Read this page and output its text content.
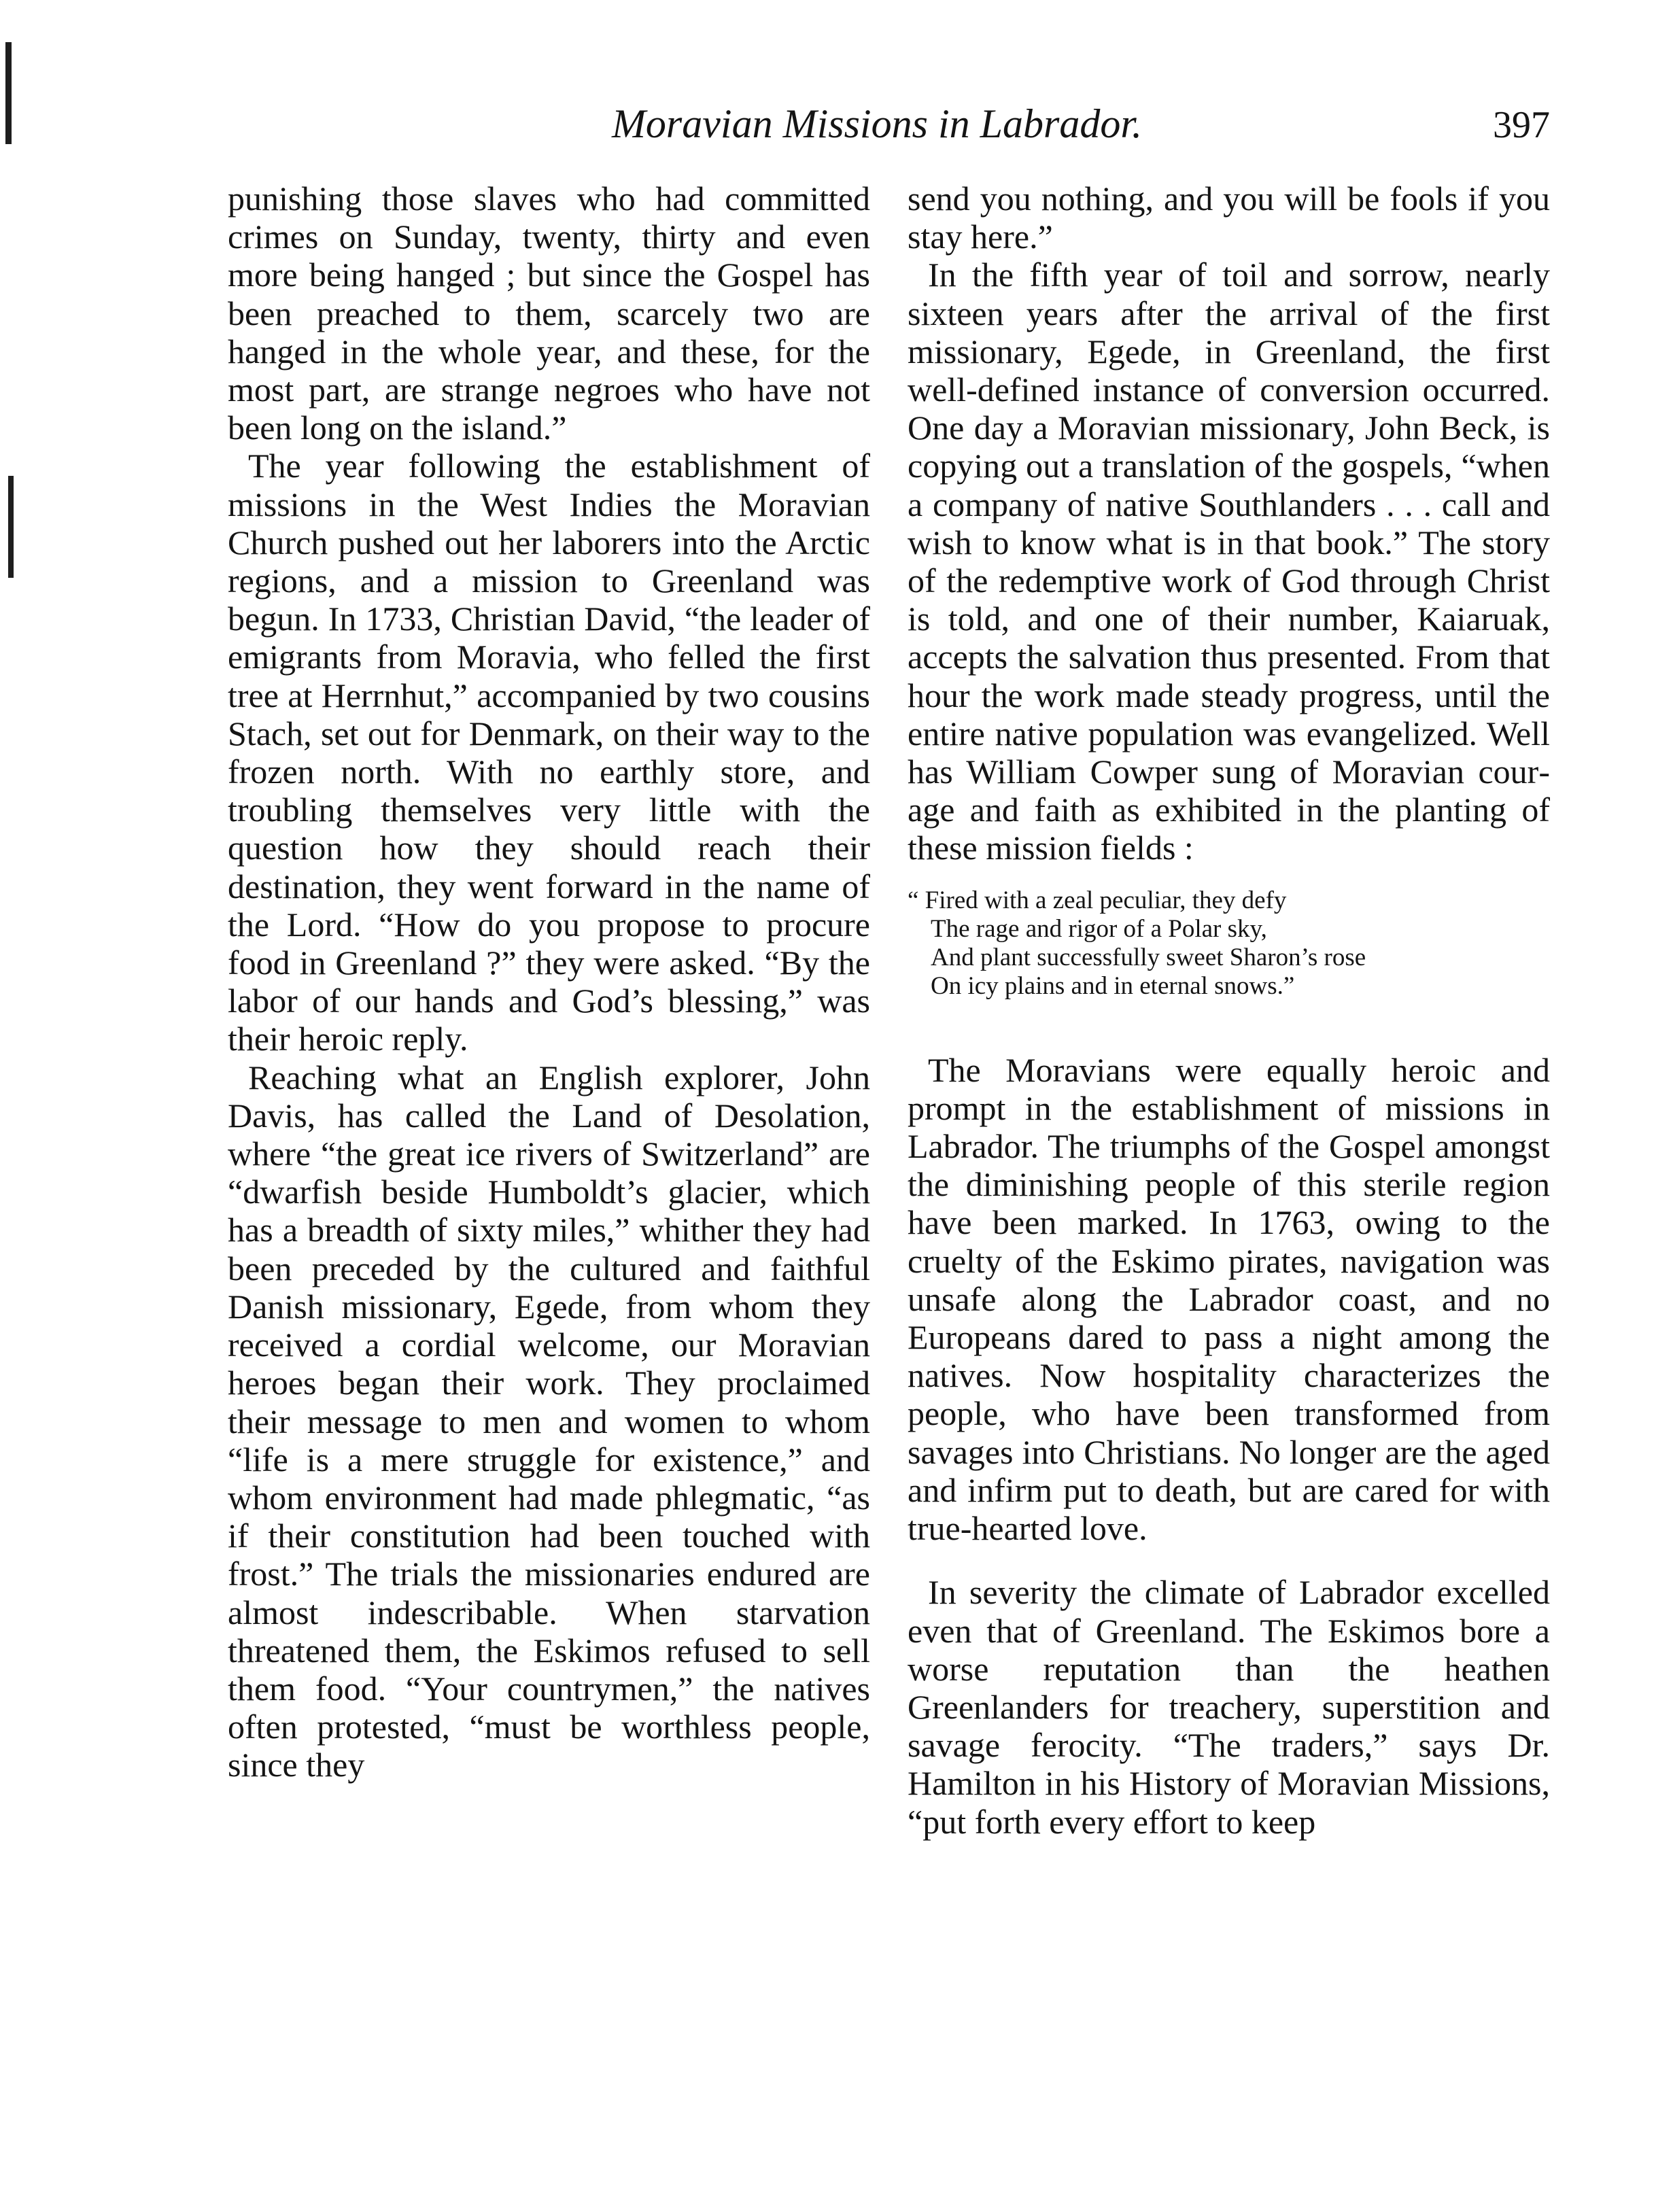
Moravian Missions in Labrador.	397

punishing those slaves who had committed crimes on Sunday, twenty, thirty and even more being hanged ; but since the Gospel has been preached to them, scarcely two are hanged in the whole year, and these, for the most part, are strange negroes who have not been long on the island.”

The year following the establishment of missions in the West Indies the Moravian Church pushed out her laborers into the Arctic regions, and a mission to Greenland was begun. In 1733, Christian David, “the leader of emigrants from Moravia, who felled the first tree at Herrnhut,” accompanied by two cousins Stach, set out for Denmark, on their way to the frozen north. With no earthly store, and troubling themselves very little with the question how they should reach their destination, they went forward in the name of the Lord. “How do you propose to procure food in Greenland ?” they were asked. “By the labor of our hands and God’s blessing,” was their heroic reply.

Reaching what an English explorer, John Davis, has called the Land of Desolation, where “the great ice rivers of Switzerland” are “dwarfish beside Humboldt’s glacier, which has a breadth of sixty miles,” whither they had been preceded by the cultured and faithful Danish missionary, Egede, from whom they received a cordial welcome, our Moravian heroes began their work. They proclaimed their message to men and women to whom “life is a mere struggle for existence,” and whom environment had made phlegmatic, “as if their constitution had been touched with frost.” The trials the missionaries endured are almost indescribable. When starvation threatened them, the Eskimos refused to sell them food. “Your countrymen,” the natives often protested, “must be worthless people, since they

send you nothing, and you will be fools if you stay here.”

In the fifth year of toil and sorrow, nearly sixteen years after the arrival of the first missionary, Egede, in Greenland, the first well-defined instance of conversion occurred. One day a Moravian missionary, John Beck, is copying out a translation of the gospels, “when a company of native Southlanders . . . call and wish to know what is in that book.” The story of the redemptive work of God through Christ is told, and one of their number, Kaiaruak, accepts the salvation thus presented. From that hour the work made steady progress, until the entire native population was evangelized. Well has William Cowper sung of Moravian courage and faith as exhibited in the planting of these mission fields :

“ Fired with a zeal peculiar, they defy
The rage and rigor of a Polar sky,
And plant successfully sweet Sharon’s rose
On icy plains and in eternal snows.”

The Moravians were equally heroic and prompt in the establishment of missions in Labrador. The triumphs of the Gospel amongst the diminishing people of this sterile region have been marked. In 1763, owing to the cruelty of the Eskimo pirates, navigation was unsafe along the Labrador coast, and no Europeans dared to pass a night among the natives. Now hospitality characterizes the people, who have been transformed from savages into Christians. No longer are the aged and infirm put to death, but are cared for with true-hearted love.

In severity the climate of Labrador excelled even that of Greenland. The Eskimos bore a worse reputation than the heathen Greenlanders for treachery, superstition and savage ferocity. “The traders,” says Dr. Hamilton in his History of Moravian Missions, “put forth every effort to keep
